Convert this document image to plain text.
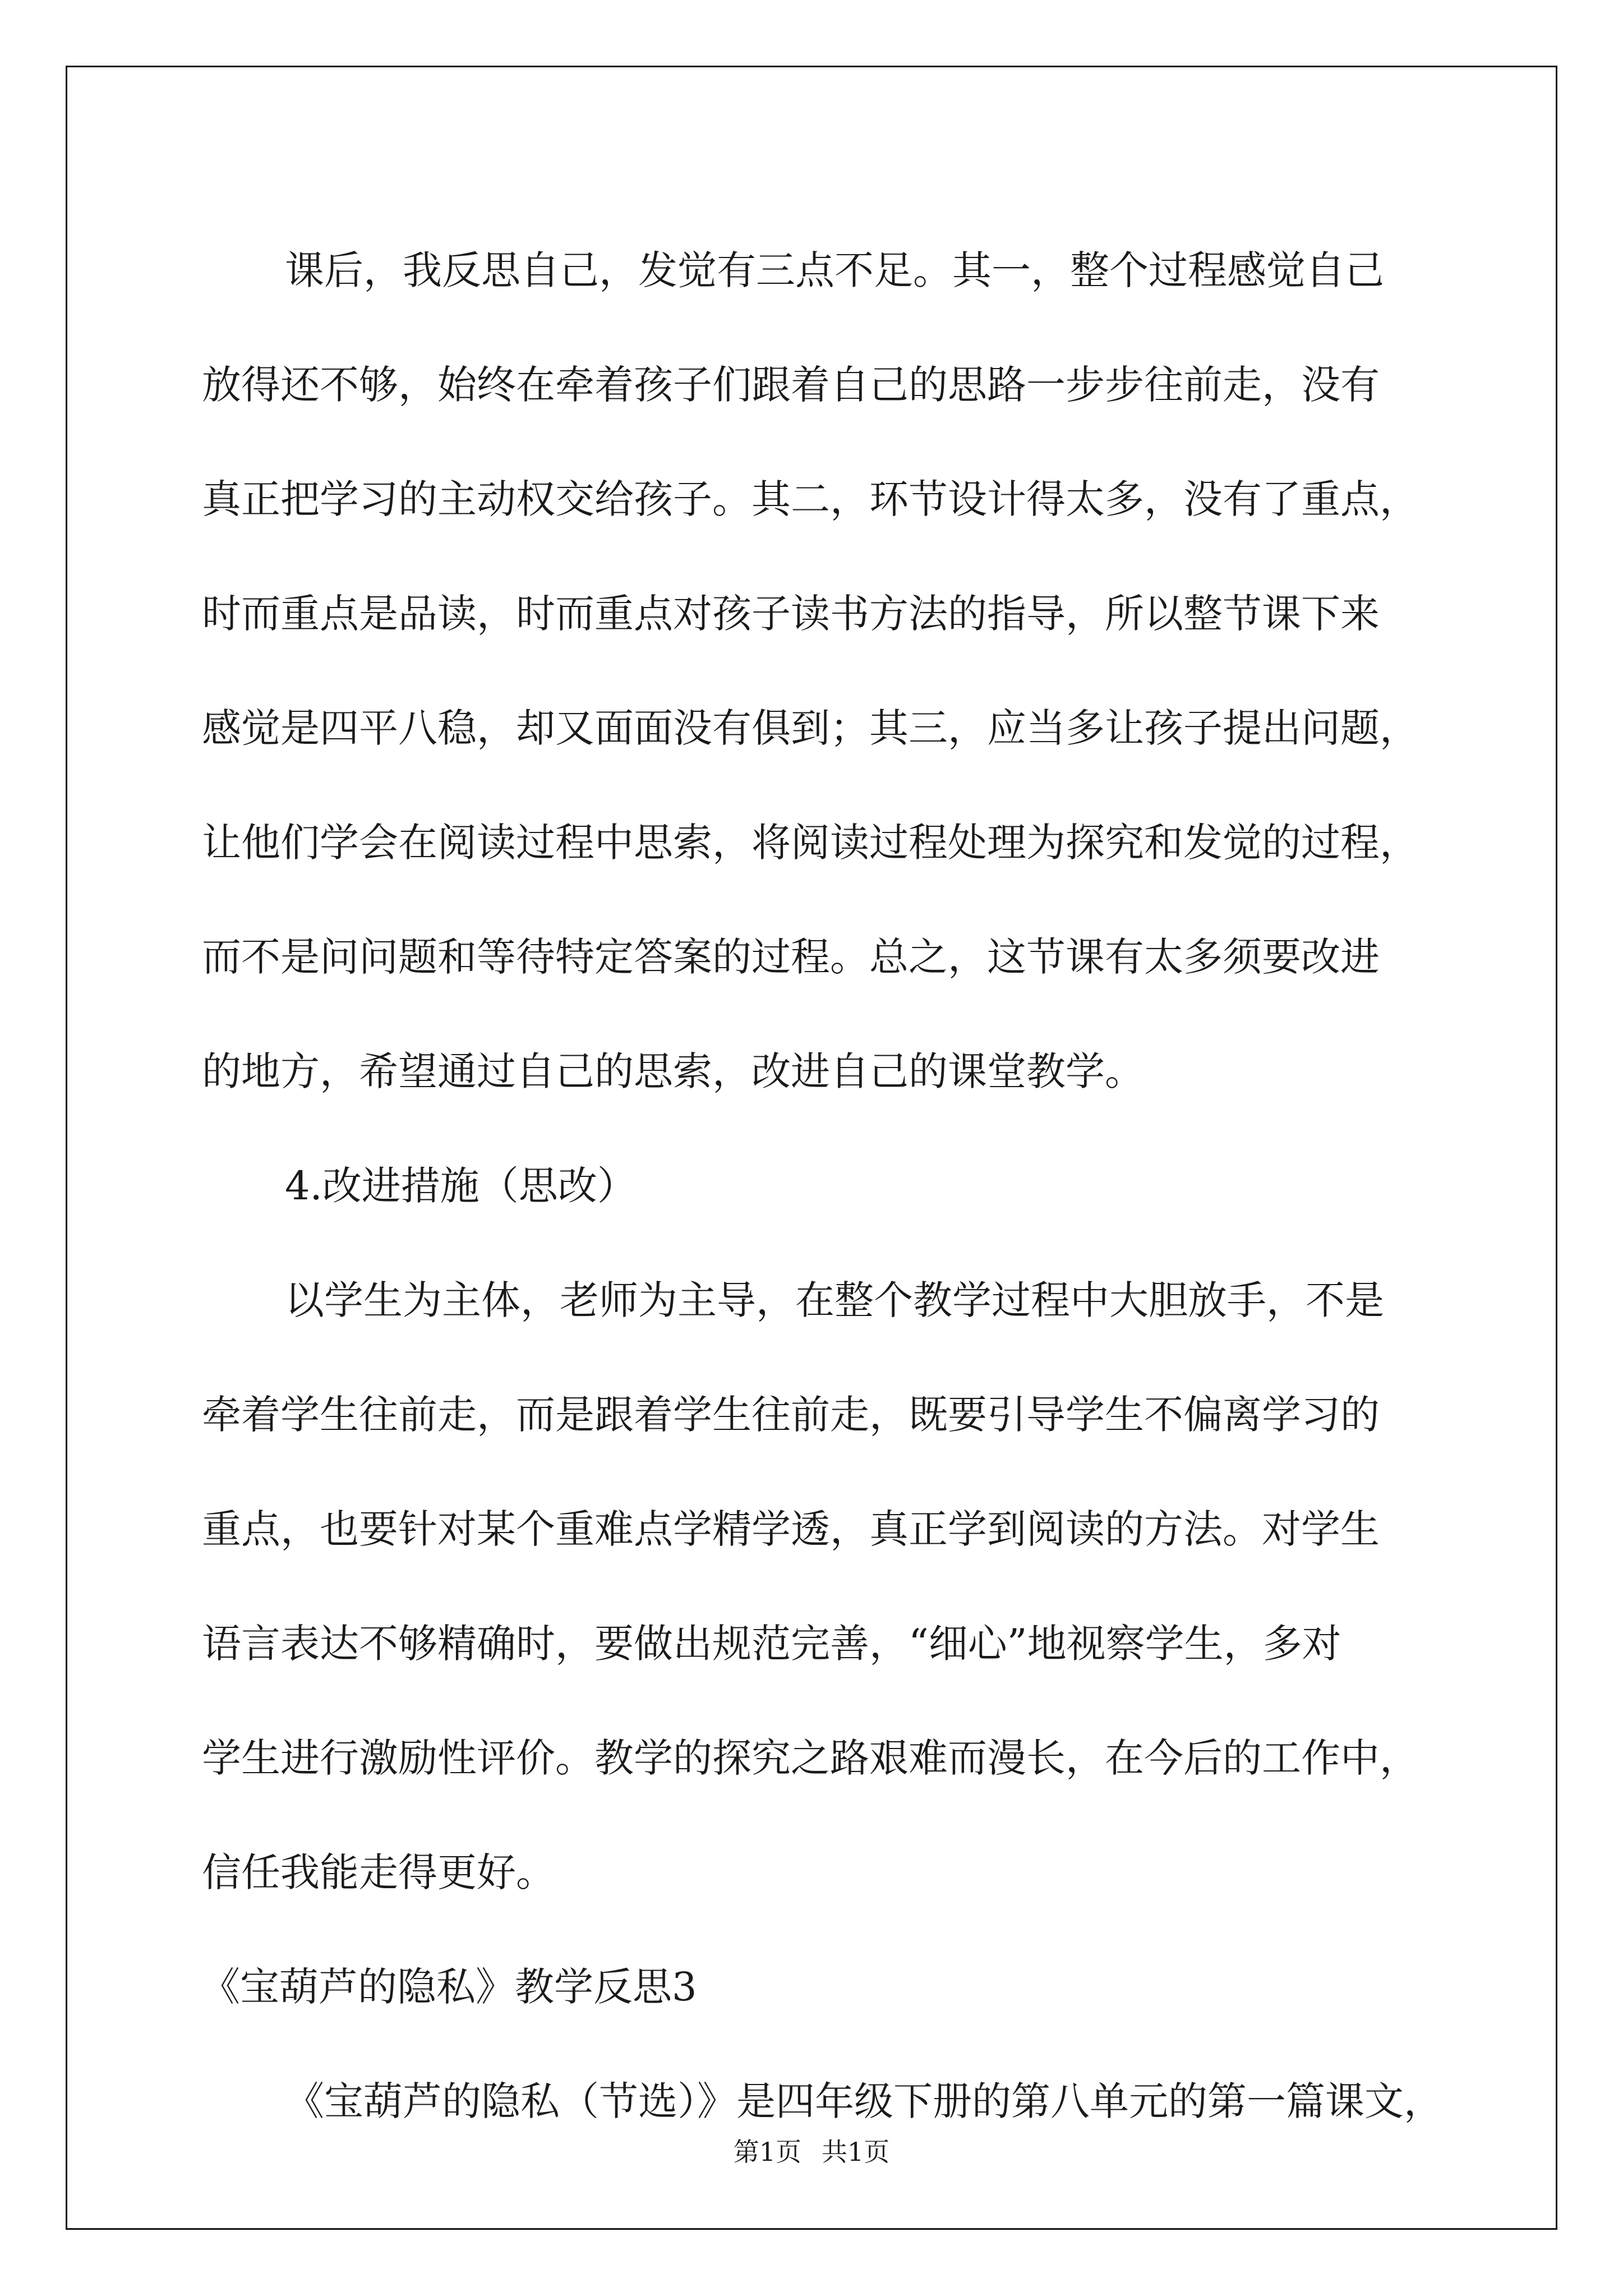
课后，我反思自己，发觉有三点不足。其一，整个过程感觉自己
放得还不够，始终在牵着孩子们跟着自己的思路一步步往前走，没有
真正把学习的主动权交给孩子。其二，环节设计得太多，没有了重点，
时而重点是品读，时而重点对孩子读书方法的指导，所以整节课下来
感觉是四平八稳，却又面面没有俱到；其三，应当多让孩子提出问题，
让他们学会在阅读过程中思索，将阅读过程处理为探究和发觉的过程，
而不是问问题和等待特定答案的过程。总之，这节课有太多须要改进
的地方，希望通过自己的思索，改进自己的课堂教学。
4.改进措施（思改）
以学生为主体，老师为主导，在整个教学过程中大胆放手，不是
牵着学生往前走，而是跟着学生往前走，既要引导学生不偏离学习的
重点，也要针对某个重难点学精学透，真正学到阅读的方法。对学生
语言表达不够精确时，要做出规范完善，“细心”地视察学生，多对
学生进行激励性评价。教学的探究之路艰难而漫长，在今后的工作中，
信任我能走得更好。
《宝葫芦的隐私》教学反思3
《宝葫芦的隐私（节选）》是四年级下册的第八单元的第一篇课文，
第1页 共1页
